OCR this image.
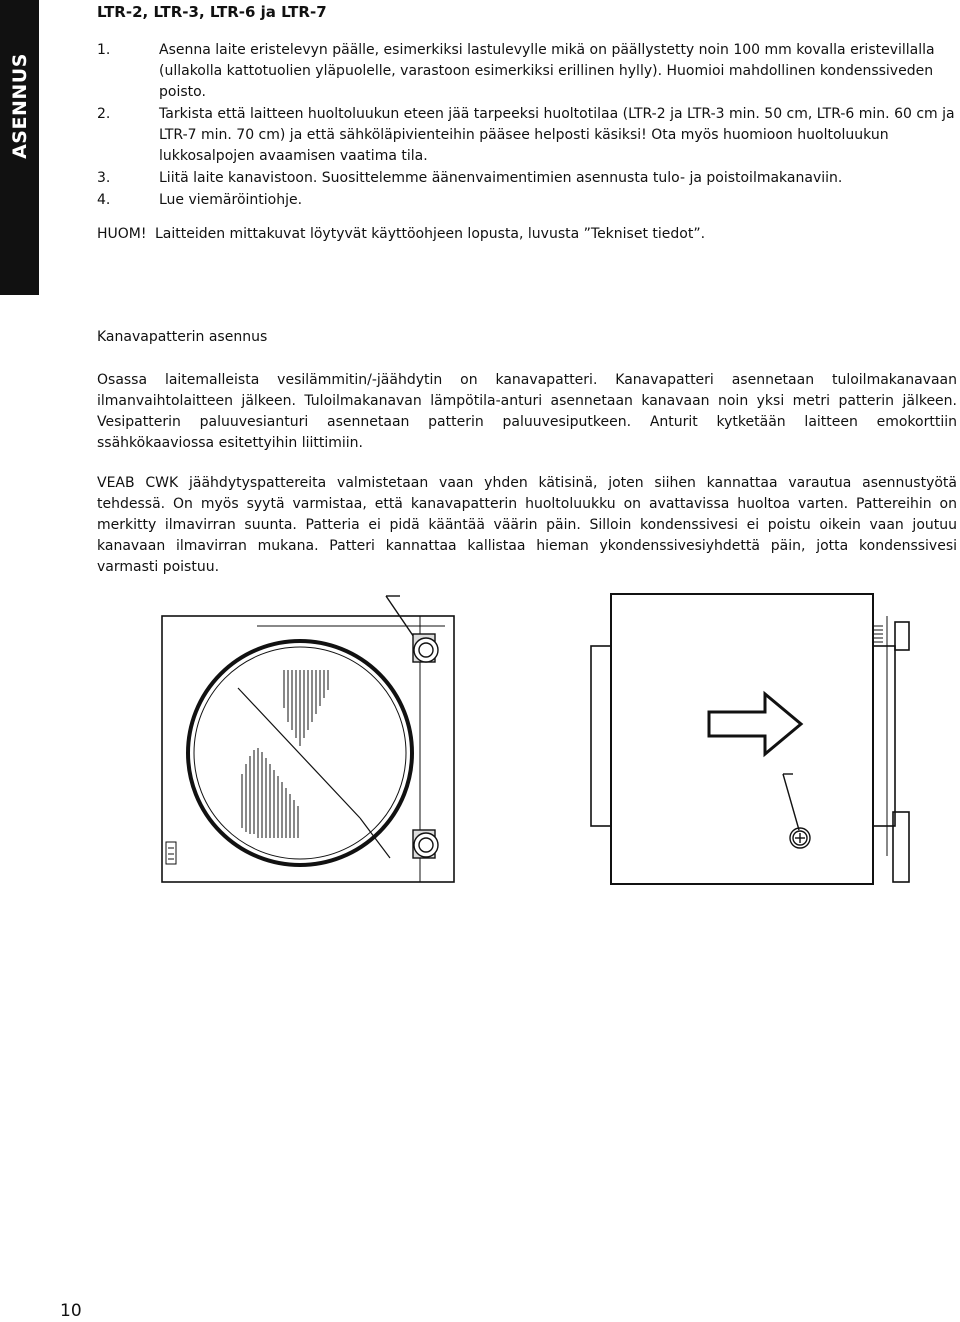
ASENNUS
LTR-2, LTR-3, LTR-6 ja LTR-7
1.	Asenna laite eristelevyn päälle, esimerkiksi lastulevylle mikä on päällystetty noin 100 mm kovalla eristevillalla (ullakolla kattotuolien yläpuolelle, varastoon esimerkiksi erillinen hylly). Huomioi mahdollinen kondenssiveden poisto.
2.	Tarkista että laitteen huoltoluukun eteen jää tarpeeksi huoltotilaa (LTR-2 ja LTR-3 min. 50 cm, LTR-6 min. 60 cm ja LTR-7 min. 70 cm) ja että sähköläpivienteihin pääsee helposti käsiksi! Ota myös huomioon huoltoluukun lukkosalpojen avaamisen vaatima tila.
3.	Liitä laite kanavistoon. Suosittelemme äänenvaimentimien asennusta tulo- ja poistoilmakanaviin.
4.	Lue viemäröintiohje.
HUOM! Laitteiden mittakuvat löytyvät käyttöohjeen lopusta, luvusta ”Tekniset tiedot”.
Kanavapatterin asennus

Osassa laitemalleista vesilämmitin/-jäähdytin on kanavapatteri. Kanavapatteri asennetaan tuloilmakanavaan ilmanvaihtolaitteen jälkeen. Tuloilmakanavan lämpötila-anturi asennetaan kanavaan noin yksi metri patterin jälkeen. Vesipatterin paluuvesianturi asennetaan patterin paluuvesiputkeen. Anturit kytketään laitteen emokorttiin ssähkökaaviossa esitettyihin liittimiin.

VEAB CWK jäähdytyspattereita valmistetaan vaan yhden kätisinä, joten siihen kannattaa varautua asennustyötä tehdessä. On myös syytä varmistaa, että kanavapatterin huoltoluukku on avattavissa huoltoa varten. Pattereihin on merkitty ilmavirran suunta. Patteria ei pidä kääntää väärin päin. Silloin kondenssivesi ei poistu oikein vaan joutuu kanavaan ilmavirran mukana. Patteri kannattaa kallistaa hieman ykondenssivesiyhdettä päin, jotta kondenssivesi varmasti poistuu.

10
